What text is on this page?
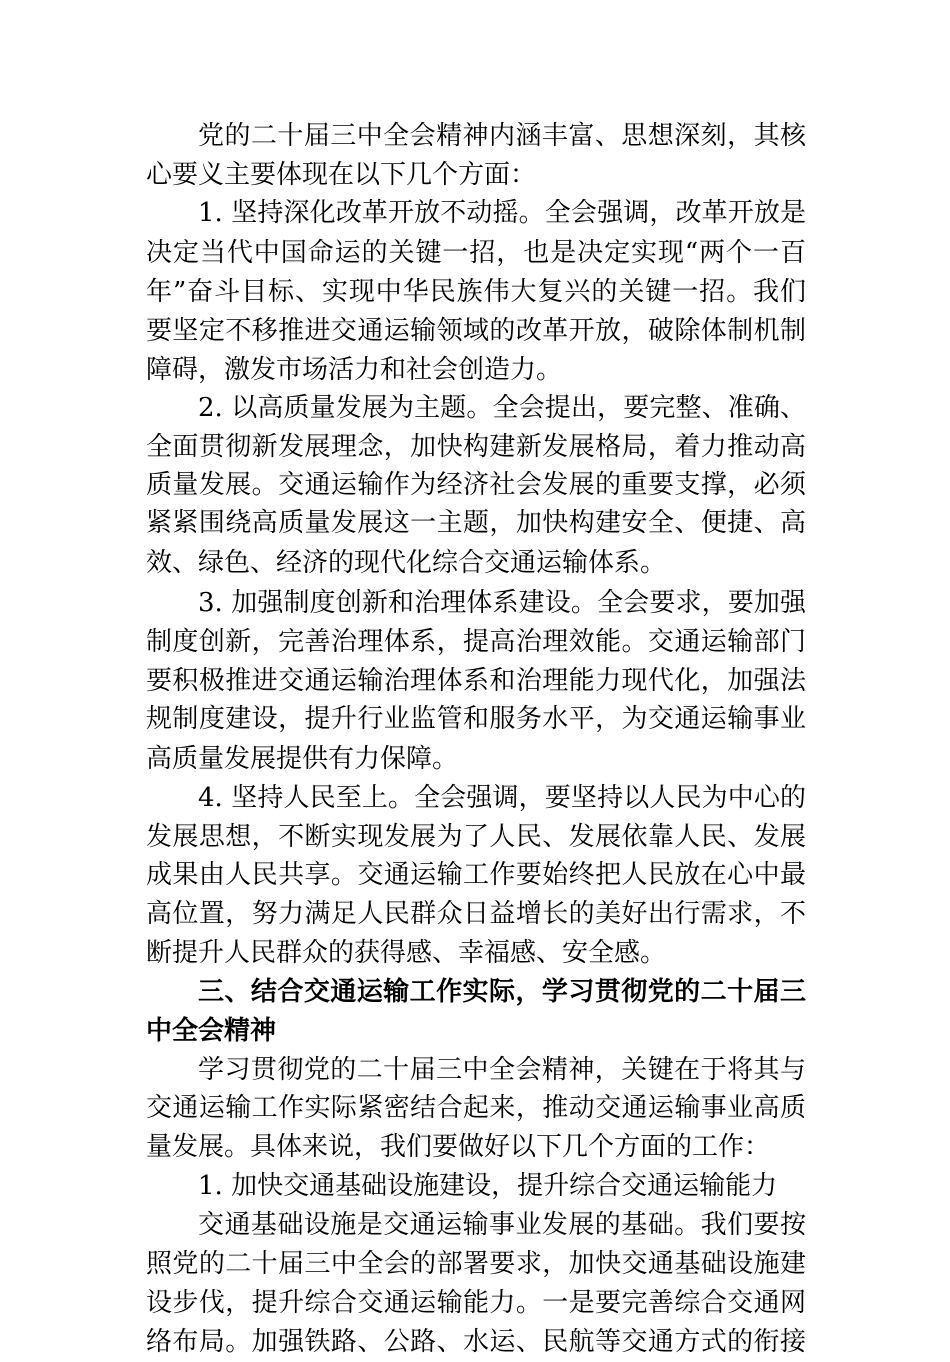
党的二十届三中全会精神内涵丰富、思想深刻，其核
心要义主要体现在以下几个方面：
1. 坚持深化改革开放不动摇。全会强调，改革开放是
决定当代中国命运的关键一招，也是决定实现“两个一百
年”奋斗目标、实现中华民族伟大复兴的关键一招。我们
要坚定不移推进交通运输领域的改革开放，破除体制机制
障碍，激发市场活力和社会创造力。
2. 以高质量发展为主题。全会提出，要完整、准确、
全面贯彻新发展理念，加快构建新发展格局，着力推动高
质量发展。交通运输作为经济社会发展的重要支撑，必须
紧紧围绕高质量发展这一主题，加快构建安全、便捷、高
效、绿色、经济的现代化综合交通运输体系。
3. 加强制度创新和治理体系建设。全会要求，要加强
制度创新，完善治理体系，提高治理效能。交通运输部门
要积极推进交通运输治理体系和治理能力现代化，加强法
规制度建设，提升行业监管和服务水平，为交通运输事业
高质量发展提供有力保障。
4. 坚持人民至上。全会强调，要坚持以人民为中心的
发展思想，不断实现发展为了人民、发展依靠人民、发展
成果由人民共享。交通运输工作要始终把人民放在心中最
高位置，努力满足人民群众日益增长的美好出行需求，不
断提升人民群众的获得感、幸福感、安全感。
三、结合交通运输工作实际，学习贯彻党的二十届三
中全会精神
学习贯彻党的二十届三中全会精神，关键在于将其与
交通运输工作实际紧密结合起来，推动交通运输事业高质
量发展。具体来说，我们要做好以下几个方面的工作：
1. 加快交通基础设施建设，提升综合交通运输能力
交通基础设施是交通运输事业发展的基础。我们要按
照党的二十届三中全会的部署要求，加快交通基础设施建
设步伐，提升综合交通运输能力。一是要完善综合交通网
络布局。加强铁路、公路、水运、民航等交通方式的衔接
